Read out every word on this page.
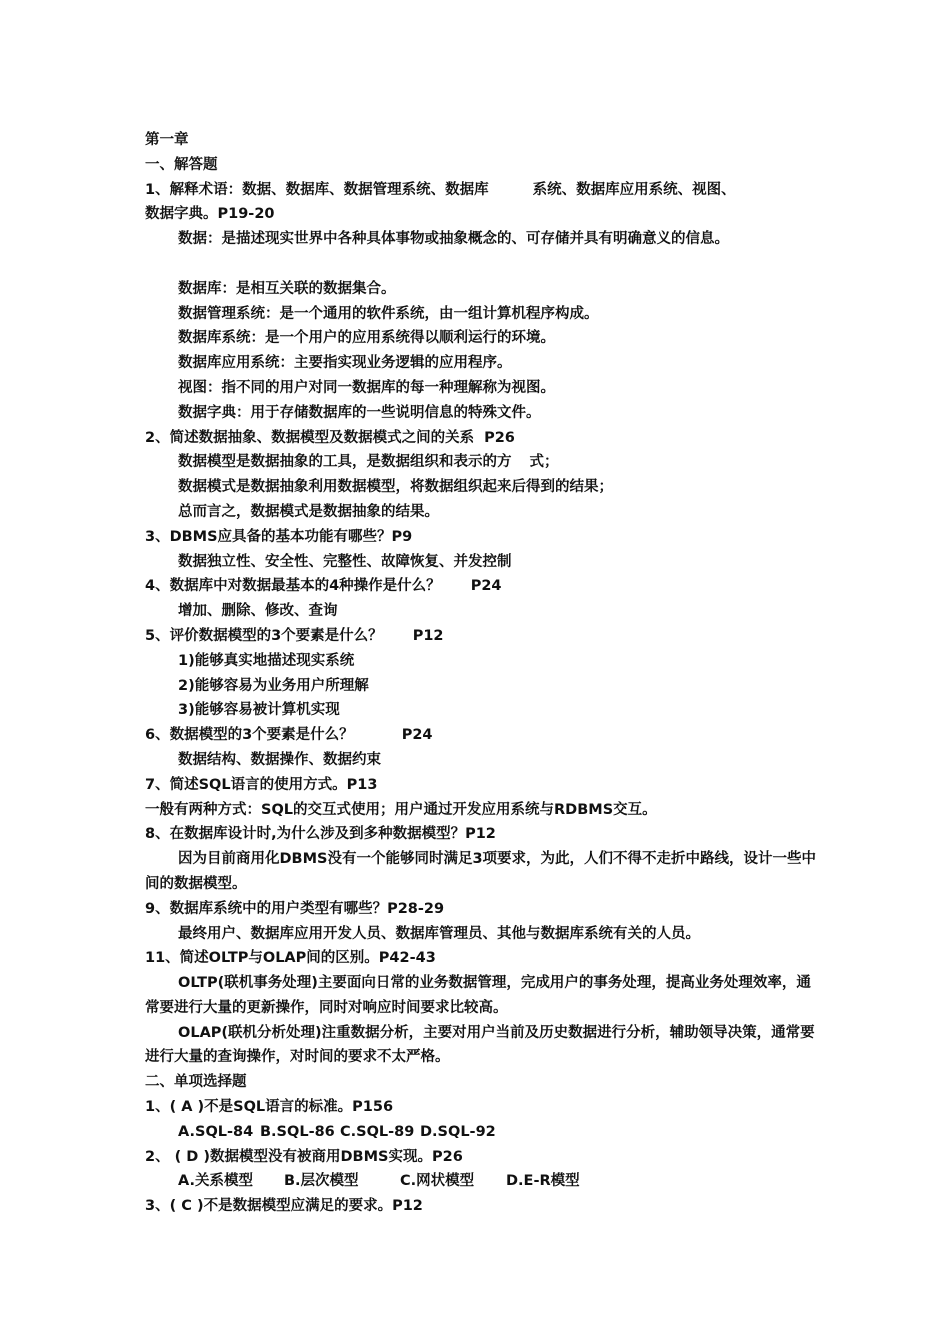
第一章
一、解答题
1、解释术语：数据、数据库、数据管理系统、数据库	系统、数据库应用系统、视图、
数据字典。P19-20
数据：是描述现实世界中各种具体事物或抽象概念的、可存储并具有明确意义的信息。
数据库：是相互关联的数据集合。
数据管理系统：是一个通用的软件系统，由一组计算机程序构成。
数据库系统：是一个用户的应用系统得以顺利运行的环境。
数据库应用系统：主要指实现业务逻辑的应用程序。
视图：指不同的用户对同一数据库的每一种理解称为视图。
数据字典：用于存储数据库的一些说明信息的特殊文件。
2、简述数据抽象、数据模型及数据模式之间的关系 P26
数据模型是数据抽象的工具，是数据组织和表示的方 式；
数据模式是数据抽象利用数据模型，将数据组织起来后得到的结果；
总而言之，数据模式是数据抽象的结果。
3、DBMS应具备的基本功能有哪些？P9
数据独立性、安全性、完整性、故障恢复、并发控制
4、数据库中对数据最基本的4种操作是什么？ P24
增加、删除、修改、查询
5、评价数据模型的3个要素是什么？ P12
1)能够真实地描述现实系统
2)能够容易为业务用户所理解
3)能够容易被计算机实现
6、数据模型的3个要素是什么？	P24
数据结构、数据操作、数据约束
7、简述SQL语言的使用方式。P13
一般有两种方式：SQL的交互式使用；用户通过开发应用系统与RDBMS交互。
8、在数据库设计时,为什么涉及到多种数据模型？P12
因为目前商用化DBMS没有一个能够同时满足3项要求，为此，人们不得不走折中路线，设计一些中间的数据模型。
9、数据库系统中的用户类型有哪些？P28-29
最终用户、数据库应用开发人员、数据库管理员、其他与数据库系统有关的人员。
11、简述OLTP与OLAP间的区别。P42-43
OLTP(联机事务处理)主要面向日常的业务数据管理，完成用户的事务处理，提高业务处理效率，通常要进行大量的更新操作，同时对响应时间要求比较高。
OLAP(联机分析处理)注重数据分析，主要对用户当前及历史数据进行分析，辅助领导决策，通常要进行大量的查询操作，对时间的要求不太严格。
二、单项选择题
1、( A )不是SQL语言的标准。P156
A.SQL-84 B.SQL-86 C.SQL-89 D.SQL-92
2、 ( D )数据模型没有被商用DBMS实现。P26
A.关系模型 B.层次模型	C.网状模型 D.E-R模型
3、( C )不是数据模型应满足的要求。P12
